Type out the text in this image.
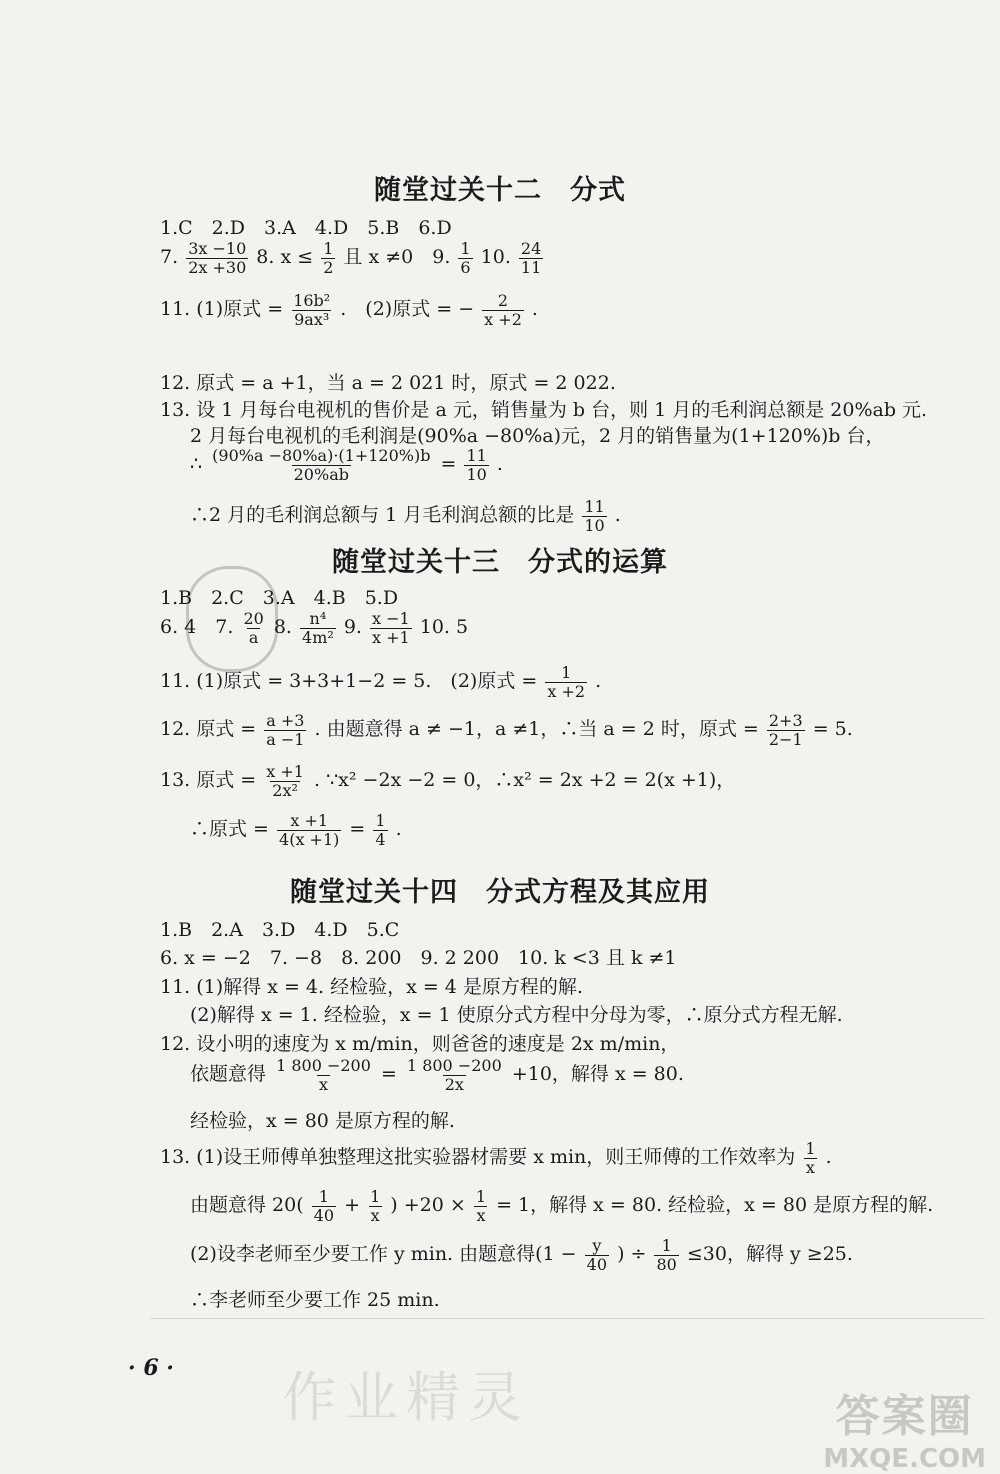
随堂过关十二　分式
1.C　2.D　3.A　4.D　5.B　6.D
7. $\frac{3x -10}{2x +30} 8$. $x \le \frac{1}{2}$ 且 x ≠0　9. $\frac{1}{6} 10$. $\frac{24}{11}$
11. (1)原式 = $\frac{\text{16b²}}{\text{9ax³}}$ .　(2)原式 = − $\frac{2}{x +2}$ .
12. 原式 = a +1，当 a = 2 021 时，原式 = 2 022.
13. 设 1 月每台电视机的售价是 a 元，销售量为 b 台，则 1 月的毛利润总额是 20%ab 元.
2 月每台电视机的毛利润是(90%a −80%a)元，2 月的销售量为(1+120%)b 台，
∴ $\frac{(90\%a -80\%a)\cdot(1+120\%)b}{20\%ab} = \frac{11}{10}$ .
∴2 月的毛利润总额与 1 月毛利润总额的比是 $\frac{11}{10}$ .
随堂过关十三　分式的运算
1.B　2.C　3.A　4.B　5.D
6. 4　7. $\frac{20}{a} 8$. $\frac{\text{n⁴}}{\text{4m²}} 9$. $\frac{x -1}{x +1} 10$. 5
11. (1)原式 = 3+3+1−2 = 5.　(2)原式 = $\frac{1}{x +2}$ .
12. 原式 = $\frac{a +3}{a -1}$ . 由题意得 a ≠ −1，a ≠1，∴当 a = 2 时，原式 = $\frac{2+3}{2-1} = 5$.
13. 原式 = $\frac{x +1}{\text{2x²}}$ . ∵x² −2x −2 = 0，∴x² = 2x +2 = 2(x +1)，
∴原式 = $\frac{x +1}{4(x +1)} = \frac{1}{4}$ .
随堂过关十四　分式方程及其应用
1.B　2.A　3.D　4.D　5.C
6. x = −2　7. −8　8. 200　9. 2 200　10. k <3 且 k ≠1
11. (1)解得 x = 4. 经检验，x = 4 是原方程的解.
(2)解得 x = 1. 经检验，x = 1 使原分式方程中分母为零，∴原分式方程无解.
12. 设小明的速度为 x m/min，则爸爸的速度是 2x m/min，
依题意得 $\frac{1 800 -200}{x} = \frac{1 800 -200}{2x} +10$，解得 x = 80.
经检验，x = 80 是原方程的解.
13. (1)设王师傅单独整理这批实验器材需要 x min，则王师傅的工作效率为 $\frac{1}{x}$ .
由题意得 $20( \frac{1}{40} + \frac{1}{x}$ ) $+20 \times \frac{1}{x} = 1$，解得 x = 80. 经检验，x = 80 是原方程的解.
(2)设李老师至少要工作 y min. 由题意得($1 - \frac{y}{40}$ ) ÷ $\frac{1}{80} \le 30$，解得 y ≥25.
∴李老师至少要工作 25 min.
作业精灵
· 6 ·
答案圈
MXQE.COM
